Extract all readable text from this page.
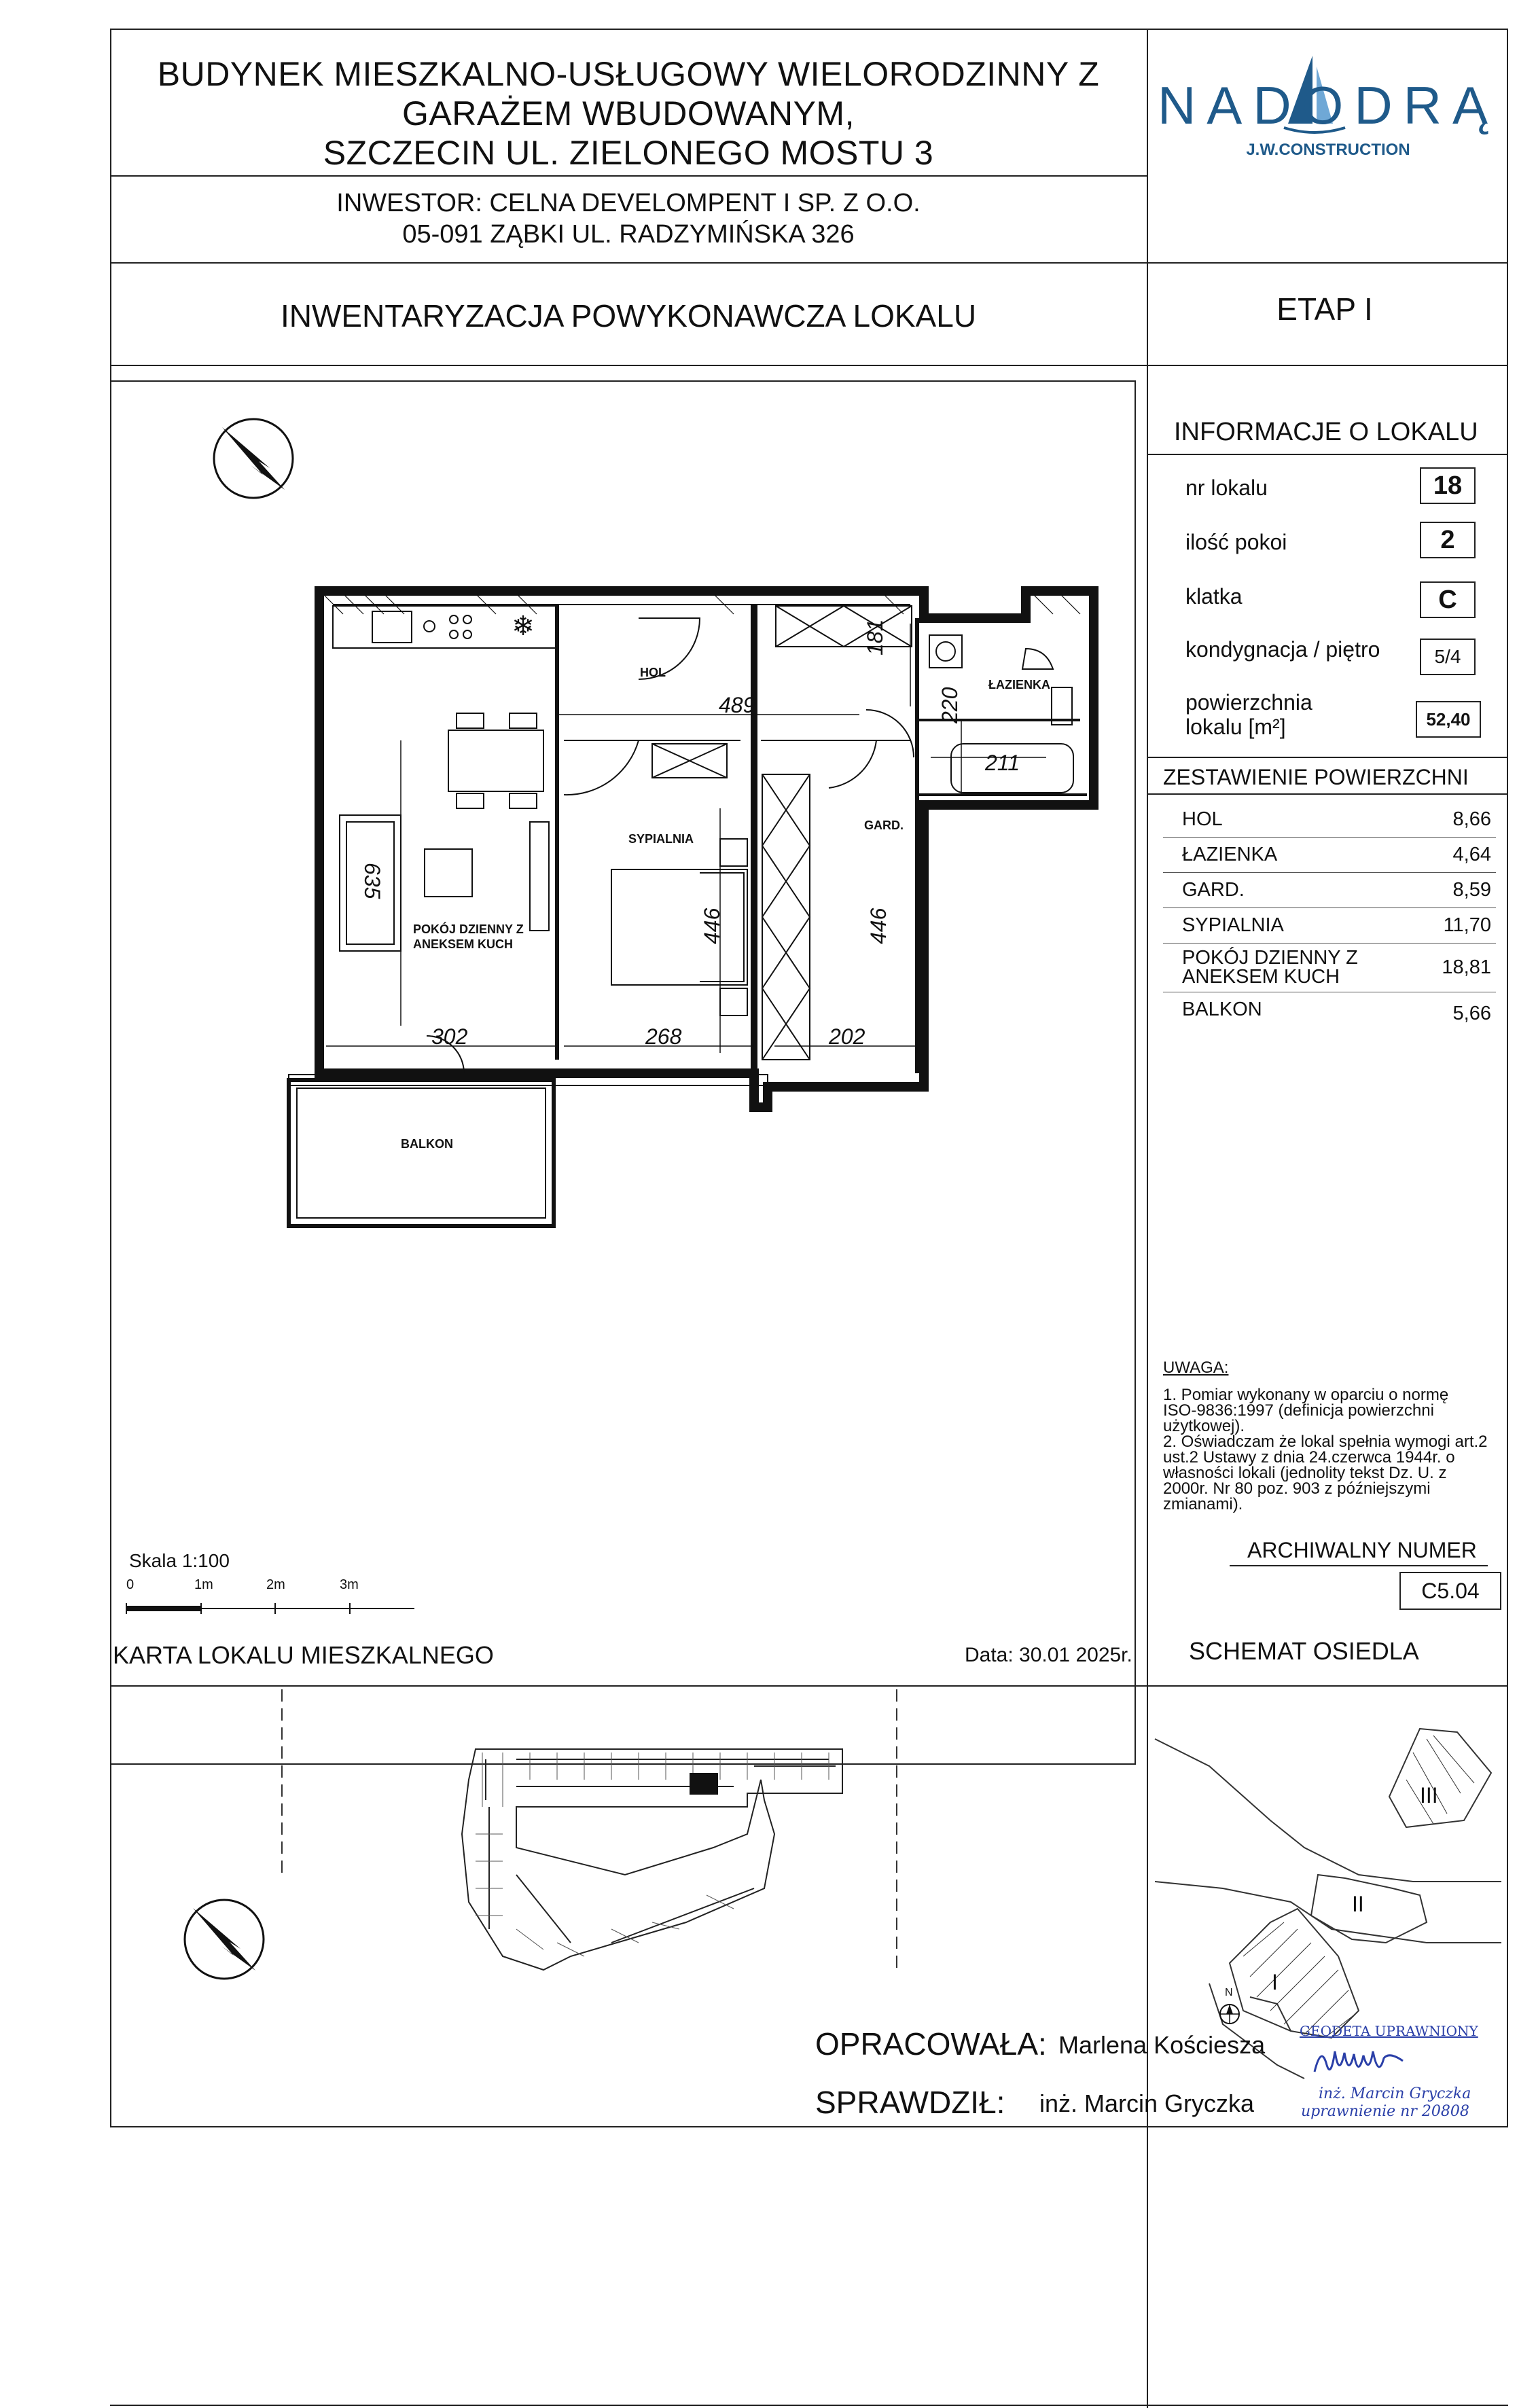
BUDYNEK MIESZKALNO-USŁUGOWY WIELORODZINNY Z
GARAŻEM WBUDOWANYM,
SZCZECIN UL. ZIELONEGO MOSTU 3
INWESTOR: CELNA DEVELOMPENT I SP. Z O.O.
05-091 ZĄBKI UL. RADZYMIŃSKA 326
INWENTARYZACJA POWYKONAWCZA LOKALU
NADODRĄ
J.W.CONSTRUCTION
ETAP I
INFORMACJE O LOKALU
nr lokalu	18
ilość pokoi	2
klatka	C
kondygnacja / piętro	5/4
powierzchnia
lokalu [m²]	52,40
ZESTAWIENIE POWIERZCHNI
HOL	8,66
ŁAZIENKA	4,64
GARD.	8,59
SYPIALNIA	11,70
POKÓJ DZIENNY Z
ANEKSEM KUCH	18,81
BALKON	5,66
UWAGA:
1. Pomiar wykonany w oparciu o normę
ISO-9836:1997 (definicja powierzchni
użytkowej).
2. Oświadczam że lokal spełnia wymogi art.2
ust.2 Ustawy z dnia 24.czerwca 1944r. o
własności lokali (jednolity tekst Dz. U. z
2000r. Nr 80 poz. 903 z późniejszymi
zmianami).
ARCHIWALNY NUMER
C5.04
❄
HOL
ŁAZIENKA
GARD.
SYPIALNIA
POKÓJ DZIENNY Z
ANEKSEM KUCH
BALKON
489
181
220
211
635
446	446
302	268	202
Skala 1:100
0	1m	2m	3m
KARTA LOKALU MIESZKALNEGO	Data: 30.01 2025r. SCHEMAT OSIEDLA
I
II
III
N
OPRACOWAŁA: Marlena Kościesza
SPRAWDZIŁ: inż. Marcin Gryczka
GEODETA UPRAWNIONY
inż. Marcin Gryczka
uprawnienie nr 20808
